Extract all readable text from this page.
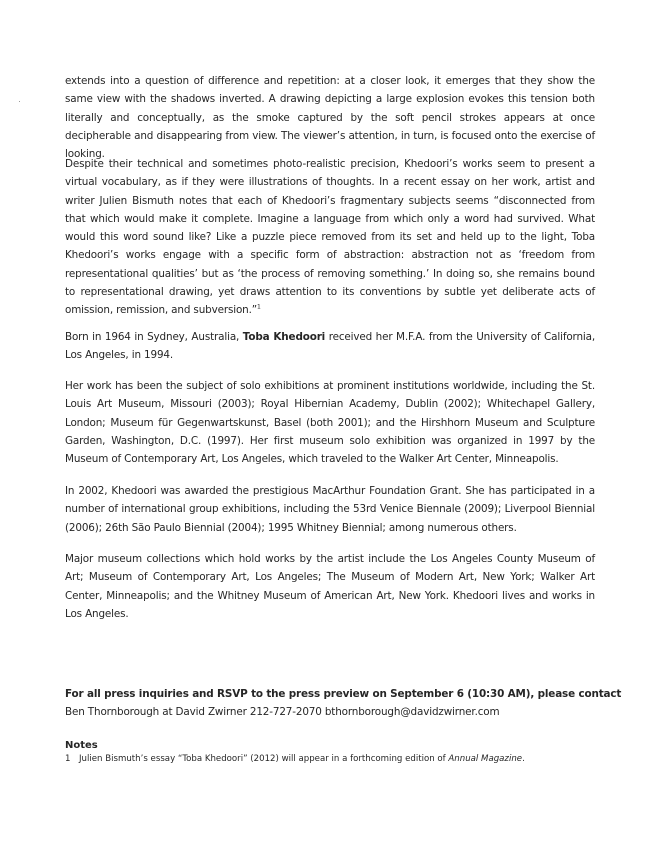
extends into a question of difference and repetition: at a closer look, it emerges that they show the same view with the shadows inverted. A drawing depicting a large explosion evokes this tension both literally and conceptually, as the smoke captured by the soft pencil strokes appears at once decipherable and disappearing from view. The viewer’s attention, in turn, is focused onto the exercise of looking.

Despite their technical and sometimes photo-realistic precision, Khedoori’s works seem to present a virtual vocabulary, as if they were illustrations of thoughts. In a recent essay on her work, artist and writer Julien Bismuth notes that each of Khedoori’s fragmentary subjects seems “disconnected from that which would make it complete. Imagine a language from which only a word had survived. What would this word sound like? Like a puzzle piece removed from its set and held up to the light, Toba Khedoori’s works engage with a specific form of abstraction: abstraction not as ‘freedom from representational qualities’ but as ‘the process of removing something.’ In doing so, she remains bound to representational drawing, yet draws attention to its conventions by subtle yet deliberate acts of omission, remission, and subversion.”$^1$

Born in 1964 in Sydney, Australia, Toba Khedoori received her M.F.A. from the University of California, Los Angeles, in 1994.

Her work has been the subject of solo exhibitions at prominent institutions worldwide, including the St. Louis Art Museum, Missouri (2003); Royal Hibernian Academy, Dublin (2002); Whitechapel Gallery, London; Museum für Gegenwartskunst, Basel (both 2001); and the Hirshhorn Museum and Sculpture Garden, Washington, D.C. (1997). Her first museum solo exhibition was organized in 1997 by the Museum of Contemporary Art, Los Angeles, which traveled to the Walker Art Center, Minneapolis.

In 2002, Khedoori was awarded the prestigious MacArthur Foundation Grant. She has participated in a number of international group exhibitions, including the 53rd Venice Biennale (2009); Liverpool Biennial (2006); 26th São Paulo Biennial (2004); 1995 Whitney Biennial; among numerous others.

Major museum collections which hold works by the artist include the Los Angeles County Museum of Art; Museum of Contemporary Art, Los Angeles; The Museum of Modern Art, New York; Walker Art Center, Minneapolis; and the Whitney Museum of American Art, New York. Khedoori lives and works in Los Angeles.

For all press inquiries and RSVP to the press preview on September 6 (10:30 AM), please contact
Ben Thornborough at David Zwirner 212-727-2070 bthornborough@davidzwirner.com
Notes
1 Julien Bismuth’s essay “Toba Khedoori” (2012) will appear in a forthcoming edition of Annual Magazine.
